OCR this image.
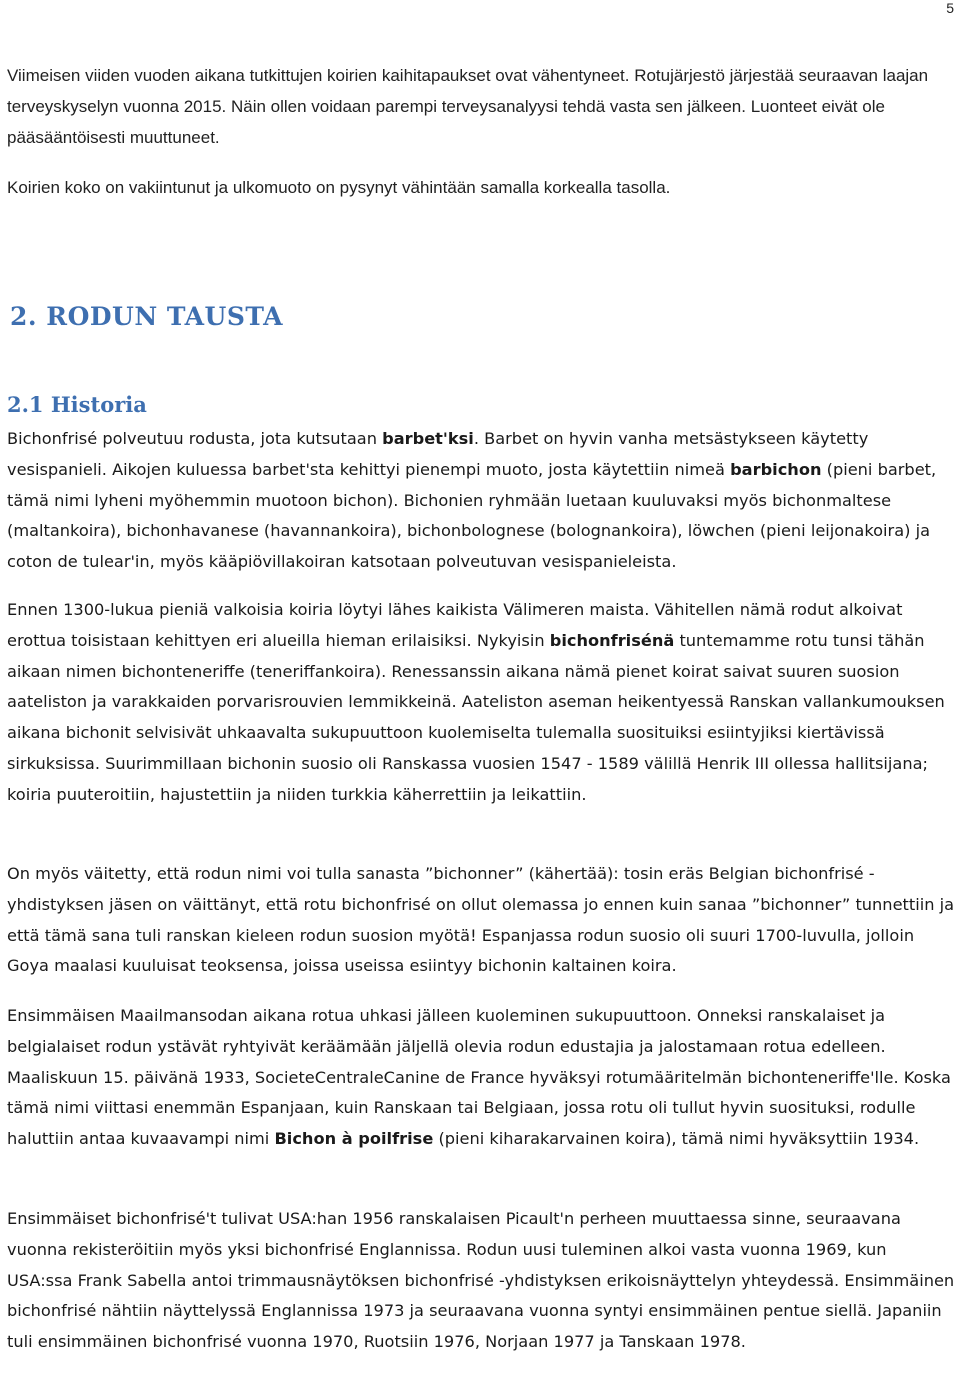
5

Viimeisen viiden vuoden aikana tutkittujen koirien kaihitapaukset ovat vähentyneet. Rotujärjestö järjestää seuraavan laajan terveyskyselyn vuonna 2015. Näin ollen voidaan parempi terveysanalyysi tehdä vasta sen jälkeen. Luonteet eivät ole pääsääntöisesti muuttuneet.

Koirien koko on vakiintunut ja ulkomuoto on pysynyt vähintään samalla korkealla tasolla.

2. RODUN TAUSTA
2.1 Historia

Bichonfrisé polveutuu rodusta, jota kutsutaan barbet'ksi. Barbet on hyvin vanha metsästykseen käytetty vesispanieli. Aikojen kuluessa barbet'sta kehittyi pienempi muoto, josta käytettiin nimeä barbichon (pieni barbet, tämä nimi lyheni myöhemmin muotoon bichon). Bichonien ryhmään luetaan kuuluvaksi myös bichonmaltese (maltankoira), bichonhavanese (havannankoira), bichonbolognese (bolognankoira), löwchen (pieni leijonakoira) ja coton de tulear'in, myös kääpiövillakoiran katsotaan polveutuvan vesispanieleista.

Ennen 1300-lukua pieniä valkoisia koiria löytyi lähes kaikista Välimeren maista. Vähitellen nämä rodut alkoivat erottua toisistaan kehittyen eri alueilla hieman erilaisiksi. Nykyisin bichonfrisénä tuntemamme rotu tunsi tähän aikaan nimen bichonteneriffe (teneriffankoira). Renessanssin aikana nämä pienet koirat saivat suuren suosion aateliston ja varakkaiden porvarisrouvien lemmikkeinä. Aateliston aseman heikentyessä Ranskan vallankumouksen aikana bichonit selvisivät uhkaavalta sukupuuttoon kuolemiselta tulemalla suosituiksi esiintyjiksi kiertävissä sirkuksissa. Suurimmillaan bichonin suosio oli Ranskassa vuosien 1547 - 1589 välillä Henrik III ollessa hallitsijana; koiria puuteroitiin, hajustettiin ja niiden turkkia käherrettiin ja leikattiin.

On myös väitetty, että rodun nimi voi tulla sanasta ”bichonner” (kähertää): tosin eräs Belgian bichonfrisé -yhdistyksen jäsen on väittänyt, että rotu bichonfrisé on ollut olemassa jo ennen kuin sanaa ”bichonner” tunnettiin ja että tämä sana tuli ranskan kieleen rodun suosion myötä! Espanjassa rodun suosio oli suuri 1700-luvulla, jolloin Goya maalasi kuuluisat teoksensa, joissa useissa esiintyy bichonin kaltainen koira.

Ensimmäisen Maailmansodan aikana rotua uhkasi jälleen kuoleminen sukupuuttoon. Onneksi ranskalaiset ja belgialaiset rodun ystävät ryhtyivät keräämään jäljellä olevia rodun edustajia ja jalostamaan rotua edelleen. Maaliskuun 15. päivänä 1933, SocieteCentraleCanine de France hyväksyi rotumääritelmän bichonteneriffe'lle. Koska tämä nimi viittasi enemmän Espanjaan, kuin Ranskaan tai Belgiaan, jossa rotu oli tullut hyvin suosituksi, rodulle haluttiin antaa kuvaavampi nimi Bichon à poilfrise (pieni kiharakarvainen koira), tämä nimi hyväksyttiin 1934.

Ensimmäiset bichonfrisé't tulivat USA:han 1956 ranskalaisen Picault'n perheen muuttaessa sinne, seuraavana vuonna rekisteröitiin myös yksi bichonfrisé Englannissa. Rodun uusi tuleminen alkoi vasta vuonna 1969, kun USA:ssa Frank Sabella antoi trimmausnäytöksen bichonfrisé -yhdistyksen erikoisnäyttelyn yhteydessä. Ensimmäinen bichonfrisé nähtiin näyttelyssä Englannissa 1973 ja seuraavana vuonna syntyi ensimmäinen pentue siellä. Japaniin tuli ensimmäinen bichonfrisé vuonna 1970, Ruotsiin 1976, Norjaan 1977 ja Tanskaan 1978.
